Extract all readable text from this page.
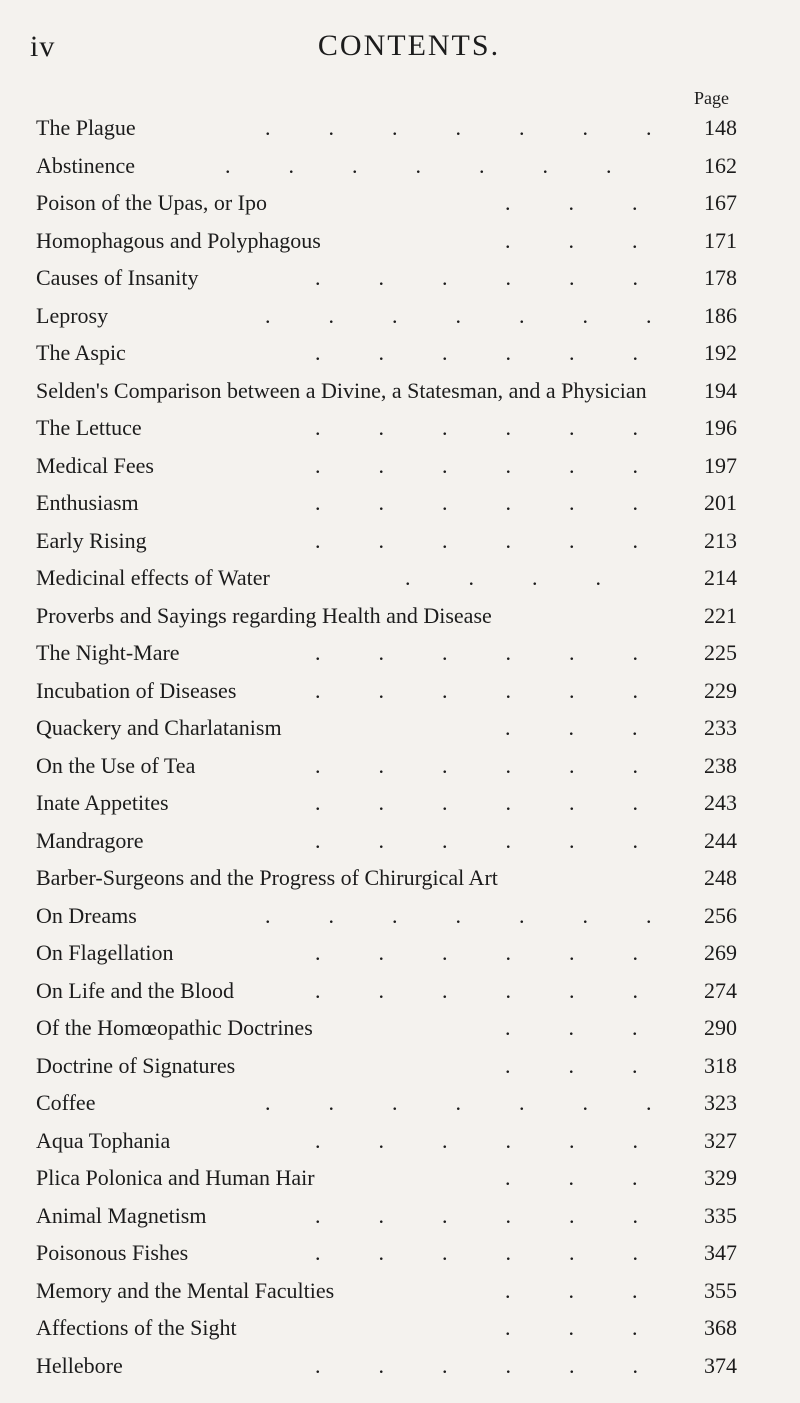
iv	CONTENTS.
Page
The Plague	.	.	.	.	.	.	.	148
Abstinence	.	.	.	.	.	.	.	162
Poison of the Upas, or Ipo	.	.	.	167
Homophagous and Polyphagous	.	.	.	171
Causes of Insanity	.	.	.	.	.	.	178
Leprosy	.	.	.	.	.	.	.	186
The Aspic	.	.	.	.	.	.	192
Selden's Comparison between a Divine, a Statesman, and a Physician	194
The Lettuce	.	.	.	.	.	.	196
Medical Fees	.	.	.	.	.	.	197
Enthusiasm	.	.	.	.	.	.	201
Early Rising	.	.	.	.	.	.	213
Medicinal effects of Water	.	.	.	.	214
Proverbs and Sayings regarding Health and Disease	221
The Night-Mare	.	.	.	.	.	.	225
Incubation of Diseases	.	.	.	.	.	.	229
Quackery and Charlatanism	.	.	.	233
On the Use of Tea	.	.	.	.	.	.	238
Inate Appetites	.	.	.	.	.	.	243
Mandragore	.	.	.	.	.	.	244
Barber-Surgeons and the Progress of Chirurgical Art	248
On Dreams	.	.	.	.	.	.	.	256
On Flagellation	.	.	.	.	.	.	269
On Life and the Blood	.	.	.	.	.	.	274
Of the Homœopathic Doctrines	.	.	.	290
Doctrine of Signatures	.	.	.	318
Coffee	.	.	.	.	.	.	.	323
Aqua Tophania	.	.	.	.	.	.	327
Plica Polonica and Human Hair	.	.	.	329
Animal Magnetism	.	.	.	.	.	.	335
Poisonous Fishes	.	.	.	.	.	.	347
Memory and the Mental Faculties	.	.	.	355
Affections of the Sight	.	.	.	368
Hellebore	.	.	.	.	.	.	374
